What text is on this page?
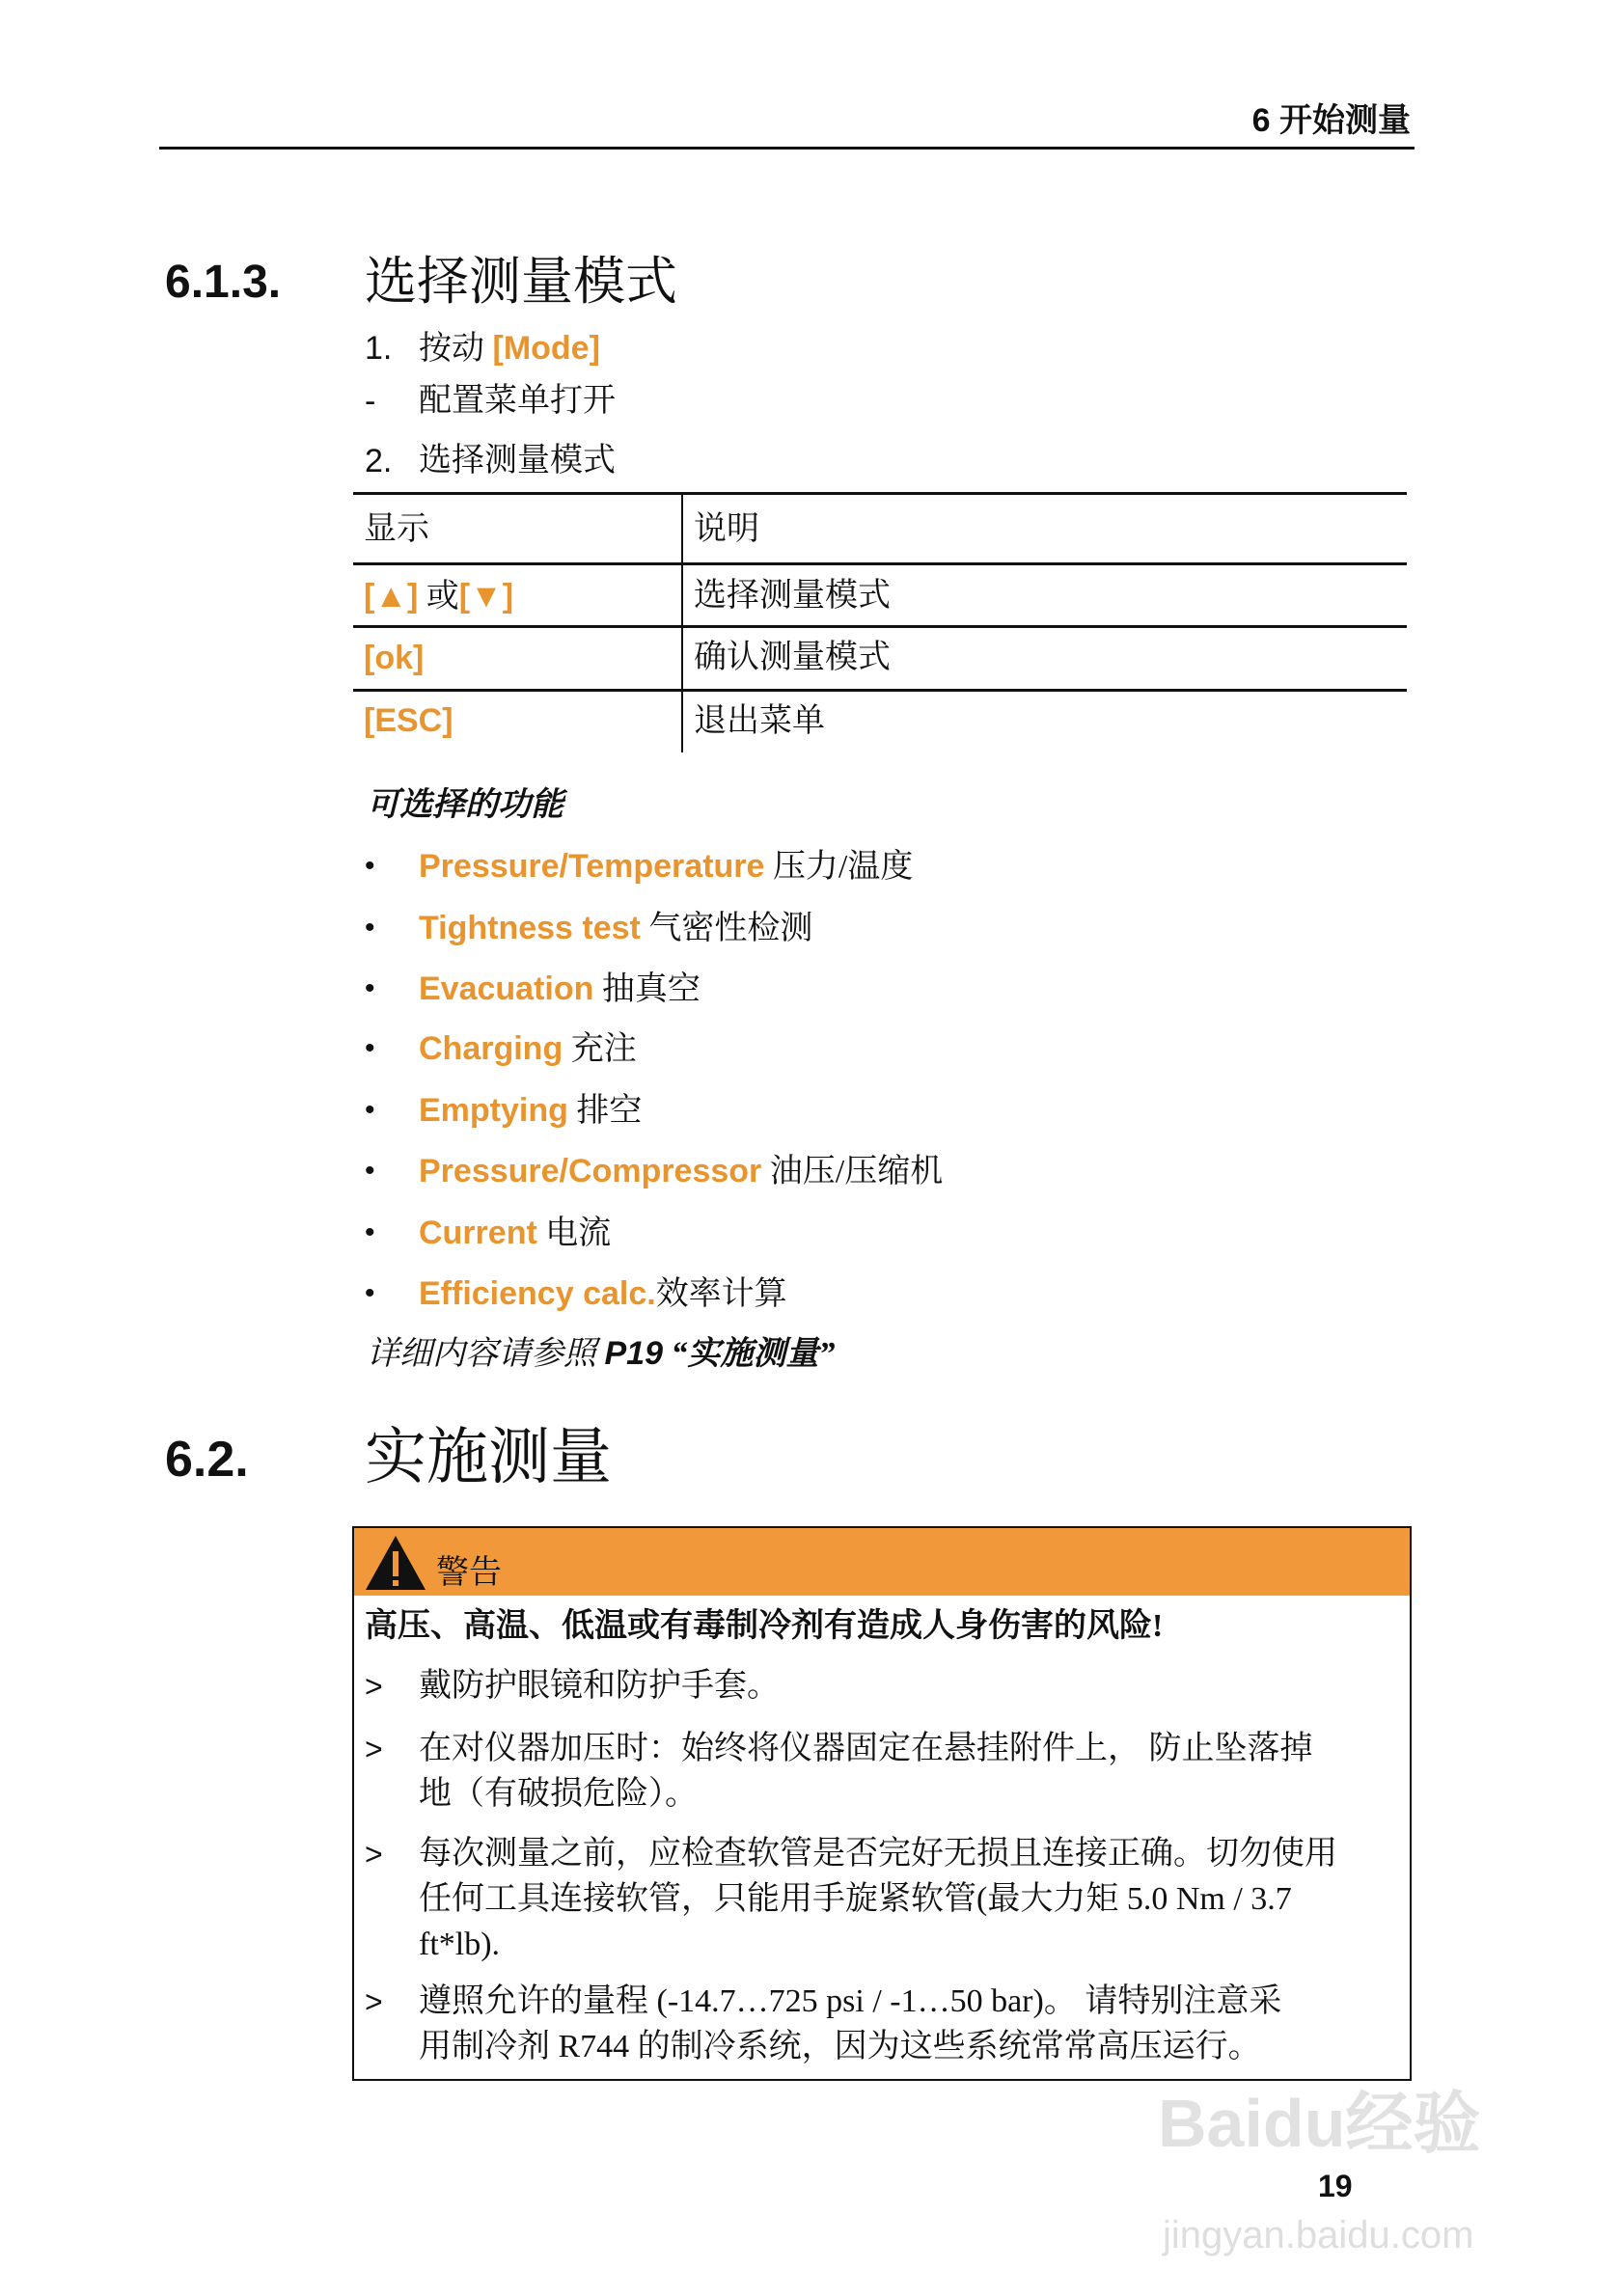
6 开始测量
6.1.3. 选择测量模式
1. 按动 [Mode]
- 配置菜单打开
2. 选择测量模式
显示	说明
[▲] 或[▼]	选择测量模式
[ok]	确认测量模式
[ESC]	退出菜单
可选择的功能
• Pressure/Temperature 压力/温度
• Tightness test 气密性检测
• Evacuation 抽真空
• Charging 充注
• Emptying 排空
• Pressure/Compressor 油压/压缩机
• Current 电流
• Efficiency calc.效率计算
详细内容请参照 P19 “实施测量”
6.2. 实施测量
警告
高压、高温、低温或有毒制冷剂有造成人身伤害的风险!
> 戴防护眼镜和防护手套。
> 在对仪器加压时：始终将仪器固定在悬挂附件上， 防止坠落掉
地（有破损危险）。
> 每次测量之前，应检查软管是否完好无损且连接正确。切勿使用
任何工具连接软管，只能用手旋紧软管(最大力矩 5.0 Nm / 3.7
ft*lb).
> 遵照允许的量程 (-14.7…725 psi / -1…50 bar)。 请特别注意采
用制冷剂 R744 的制冷系统，因为这些系统常常高压运行。
Baidu经验
19
jingyan.baidu.com
